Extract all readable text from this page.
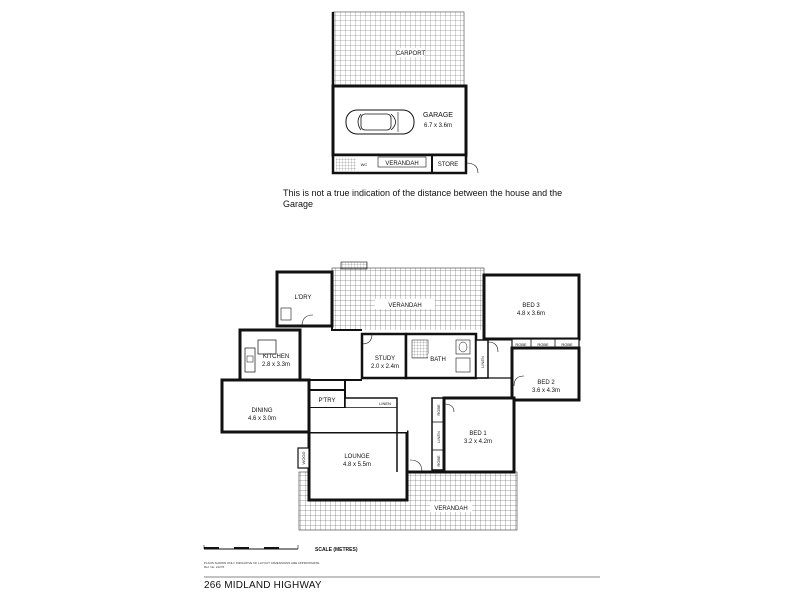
CARPORT
GARAGE
6.7 x 3.6m
WC	VERANDAH	STORE
VERANDAH
VERANDAH
L'DRY
BED 3
4.8 x 3.6m
KITCHEN
2.8 x 3.3m
STUDY
2.0 x 2.4m
BATH	LINEN
ROBE	ROBE	ROBE
BED 2
3.6 x 4.3m
P'TRY	LINEN
DINING
4.6 x 3.0m
ROBE
LINEN
ROBE
BED 1
3.2 x 4.2m
LOUNGE
4.8 x 5.5m
WOOD
This is not a true indication of the distance between the house and the Garage
SCALE (METRES)
PLANS SHOWN ONLY INDICATIVE OF LAYOUT. DIMENSIONS ARE APPROXIMATE. Ref. No: 21276
266 MIDLAND HIGHWAY
